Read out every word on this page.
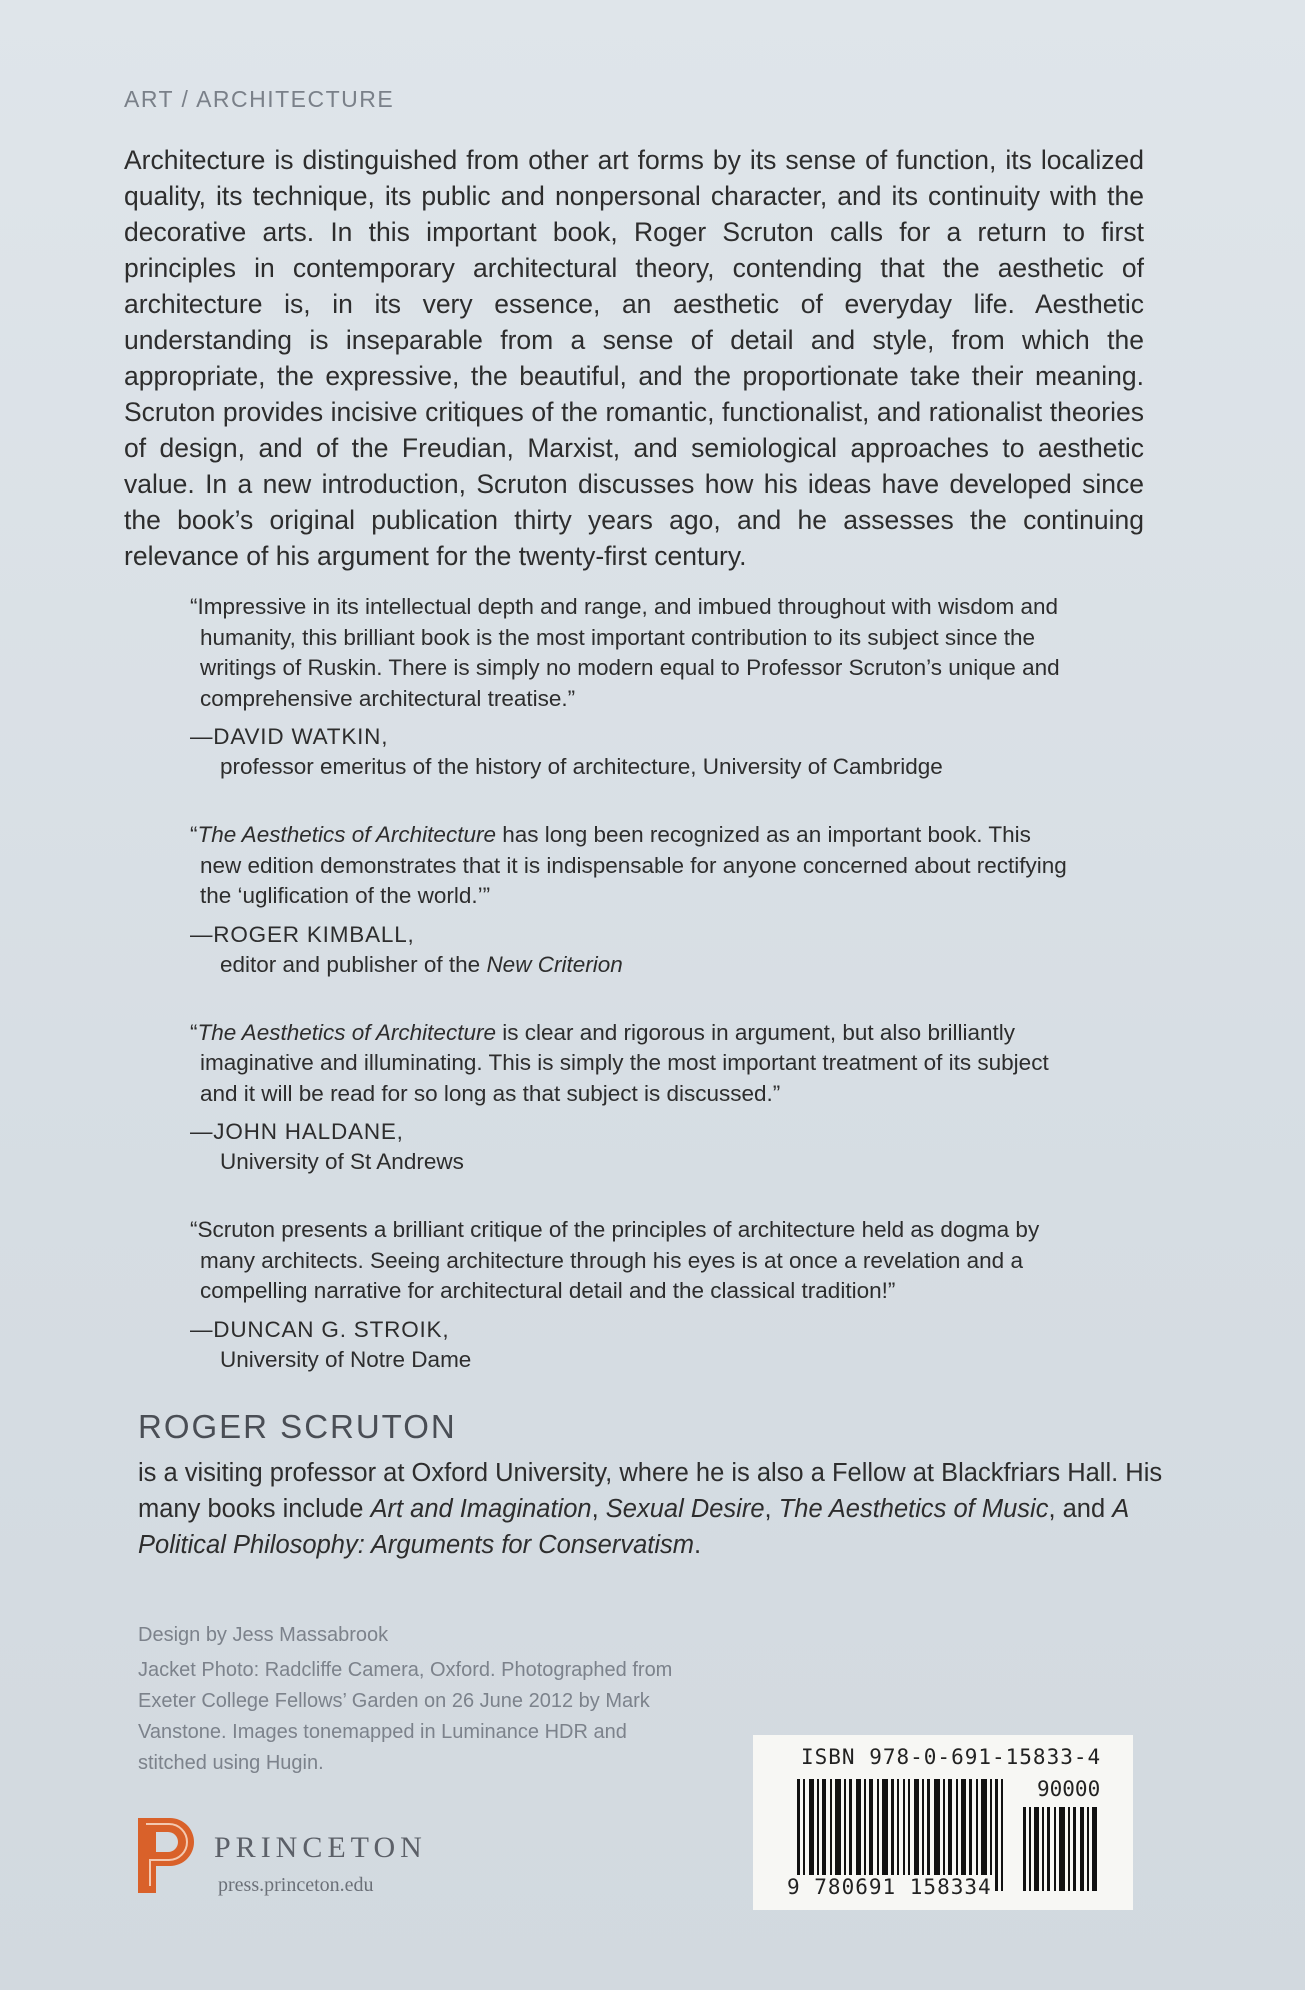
ART / ARCHITECTURE
Architecture is distinguished from other art forms by its sense of function, its localized quality, its technique, its public and nonpersonal character, and its continuity with the decorative arts. In this important book, Roger Scruton calls for a return to first principles in contemporary architectural theory, contending that the aesthetic of architecture is, in its very essence, an aesthetic of everyday life. Aesthetic understanding is inseparable from a sense of detail and style, from which the appropriate, the expressive, the beautiful, and the proportionate take their meaning. Scruton provides incisive critiques of the romantic, functionalist, and rationalist theories of design, and of the Freudian, Marxist, and semiological approaches to aesthetic value. In a new introduction, Scruton discusses how his ideas have developed since the book’s original publication thirty years ago, and he assesses the continuing relevance of his argument for the twenty-first century.
“Impressive in its intellectual depth and range, and imbued throughout with wisdom and humanity, this brilliant book is the most important contribution to its subject since the writings of Ruskin. There is simply no modern equal to Professor Scruton’s unique and comprehensive architectural treatise.”
—DAVID WATKIN,
professor emeritus of the history of architecture, University of Cambridge
“The Aesthetics of Architecture has long been recognized as an important book. This new edition demonstrates that it is indispensable for anyone concerned about rectifying the ‘uglification of the world.’”
—ROGER KIMBALL,
editor and publisher of the New Criterion
“The Aesthetics of Architecture is clear and rigorous in argument, but also brilliantly imaginative and illuminating. This is simply the most important treatment of its subject and it will be read for so long as that subject is discussed.”
—JOHN HALDANE,
University of St Andrews
“Scruton presents a brilliant critique of the principles of architecture held as dogma by many architects. Seeing architecture through his eyes is at once a revelation and a compelling narrative for architectural detail and the classical tradition!”
—DUNCAN G. STROIK,
University of Notre Dame
ROGER SCRUTON
is a visiting professor at Oxford University, where he is also a Fellow at Blackfriars Hall. His many books include Art and Imagination, Sexual Desire, The Aesthetics of Music, and A Political Philosophy: Arguments for Conservatism.

Design by Jess Massabrook

Jacket Photo: Radcliffe Camera, Oxford. Photographed from Exeter College Fellows’ Garden on 26 June 2012 by Mark Vanstone. Images tonemapped in Luminance HDR and stitched using Hugin.

PRINCETON
press.princeton.edu
ISBN 978-0-691-15833-4
90000
9 780691 158334
